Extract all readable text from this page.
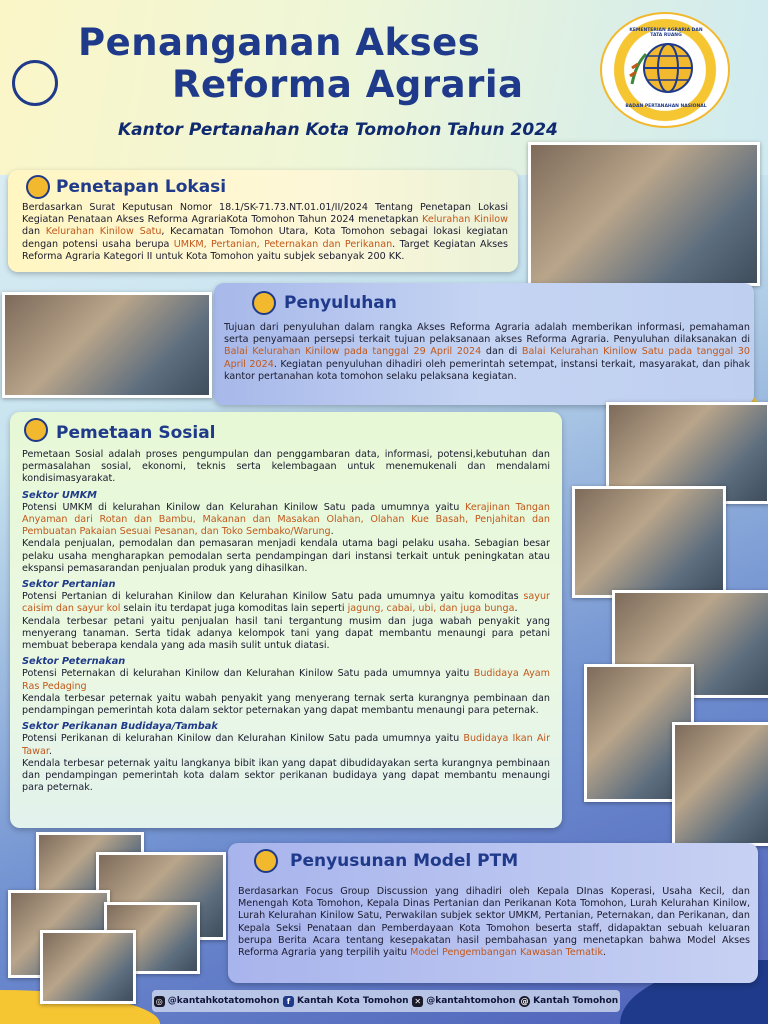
Penanganan Akses
Reforma Agraria
Kantor Pertanahan Kota Tomohon Tahun 2024
KEMENTERIAN AGRARIA DAN TATA RUANG
BADAN PERTANAHAN NASIONAL
Penetapan Lokasi
Berdasarkan Surat Keputusan Nomor 18.1/SK-71.73.NT.01.01/II/2024 Tentang Penetapan Lokasi Kegiatan Penataan Akses Reforma AgrariaKota Tomohon Tahun 2024 menetapkan Kelurahan Kinilow dan Kelurahan Kinilow Satu, Kecamatan Tomohon Utara, Kota Tomohon sebagai lokasi kegiatan dengan potensi usaha berupa UMKM, Pertanian, Peternakan dan Perikanan. Target Kegiatan Akses Reforma Agraria Kategori II untuk Kota Tomohon yaitu subjek sebanyak 200 KK.
Penyuluhan
Tujuan dari penyuluhan dalam rangka Akses Reforma Agraria adalah memberikan informasi, pemahaman serta penyamaan persepsi terkait tujuan pelaksanaan akses Reforma Agraria. Penyuluhan dilaksanakan di Balai Kelurahan Kinilow pada tanggal 29 April 2024 dan di Balai Kelurahan Kinilow Satu pada tanggal 30 April 2024. Kegiatan penyuluhan dihadiri oleh pemerintah setempat, instansi terkait, masyarakat, dan pihak kantor pertanahan kota tomohon selaku pelaksana kegiatan.
Pemetaan Sosial
Pemetaan Sosial adalah proses pengumpulan dan penggambaran data, informasi, potensi,kebutuhan dan permasalahan sosial, ekonomi, teknis serta kelembagaan untuk menemukenali dan mendalami kondisimasyarakat.
Sektor UMKM
Potensi UMKM di kelurahan Kinilow dan Kelurahan Kinilow Satu pada umumnya yaitu Kerajinan Tangan Anyaman dari Rotan dan Bambu, Makanan dan Masakan Olahan, Olahan Kue Basah, Penjahitan dan Pembuatan Pakaian Sesuai Pesanan, dan Toko Sembako/Warung.
Kendala penjualan, pemodalan dan pemasaran menjadi kendala utama bagi pelaku usaha. Sebagian besar pelaku usaha mengharapkan pemodalan serta pendampingan dari instansi terkait untuk peningkatan atau ekspansi pemasarandan penjualan produk yang dihasilkan.
Sektor Pertanian
Potensi Pertanian di kelurahan Kinilow dan Kelurahan Kinilow Satu pada umumnya yaitu komoditas sayur caisim dan sayur kol selain itu terdapat juga komoditas lain seperti jagung, cabai, ubi, dan juga bunga.
Kendala terbesar petani yaitu penjualan hasil tani tergantung musim dan juga wabah penyakit yang menyerang tanaman. Serta tidak adanya kelompok tani yang dapat membantu menaungi para petani membuat beberapa kendala yang ada masih sulit untuk diatasi.
Sektor Peternakan
Potensi Peternakan di kelurahan Kinilow dan Kelurahan Kinilow Satu pada umumnya yaitu Budidaya Ayam Ras Pedaging
Kendala terbesar peternak yaitu wabah penyakit yang menyerang ternak serta kurangnya pembinaan dan pendampingan pemerintah kota dalam sektor peternakan yang dapat membantu menaungi para peternak.
Sektor Perikanan Budidaya/Tambak
Potensi Perikanan di kelurahan Kinilow dan Kelurahan Kinilow Satu pada umumnya yaitu Budidaya Ikan Air Tawar.
Kendala terbesar peternak yaitu langkanya bibit ikan yang dapat dibudidayakan serta kurangnya pembinaan dan pendampingan pemerintah kota dalam sektor perikanan budidaya yang dapat membantu menaungi para peternak.
Penyusunan Model PTM
Berdasarkan Focus Group Discussion yang dihadiri oleh Kepala DInas Koperasi, Usaha Kecil, dan Menengah Kota Tomohon, Kepala Dinas Pertanian dan Perikanan Kota Tomohon, Lurah Kelurahan Kinilow, Lurah Kelurahan Kinilow Satu, Perwakilan subjek sektor UMKM, Pertanian, Peternakan, dan Perikanan, dan Kepala Seksi Penataan dan Pemberdayaan Kota Tomohon beserta staff, didapaktan sebuah keluaran berupa Berita Acara tentang kesepakatan hasil pembahasan yang menetapkan bahwa Model Akses Reforma Agraria yang terpilih yaitu Model Pengembangan Kawasan Tematik.
◎ @kantahkotatomohon f Kantah Kota Tomohon ✕ @kantahtomohon @ Kantah Tomohon
